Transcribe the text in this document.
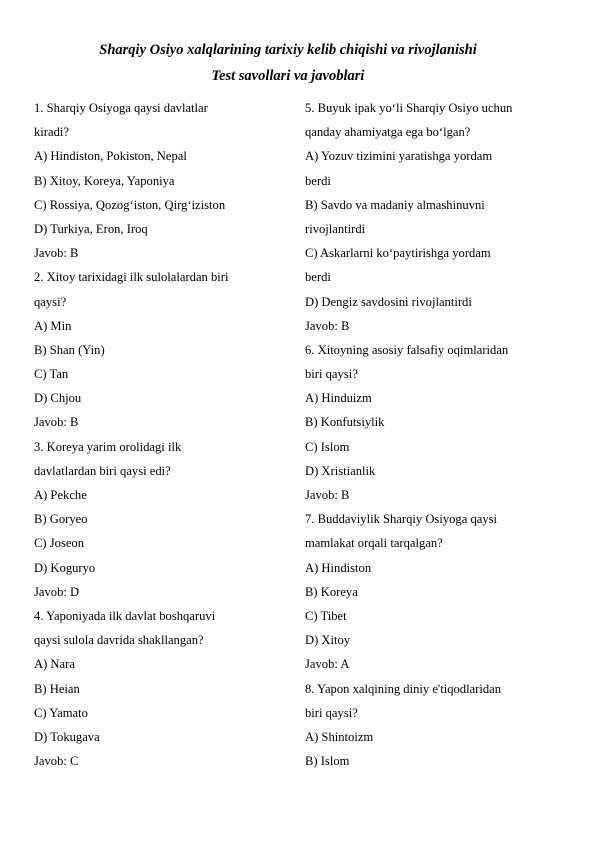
Sharqiy Osiyo xalqlarining tarixiy kelib chiqishi va rivojlanishi
Test savollari va javoblari
1. Sharqiy Osiyoga qaysi davlatlar
kiradi?
A) Hindiston, Pokiston, Nepal
B) Xitoy, Koreya, Yaponiya
C) Rossiya, Qozog‘iston, Qirg‘iziston
D) Turkiya, Eron, Iroq
Javob: B
2. Xitoy tarixidagi ilk sulolalardan biri
qaysi?
A) Min
B) Shan (Yin)
C) Tan
D) Chjou
Javob: B
3. Koreya yarim orolidagi ilk
davlatlardan biri qaysi edi?
A) Pekche
B) Goryeo
C) Joseon
D) Koguryo
Javob: D
4. Yaponiyada ilk davlat boshqaruvi
qaysi sulola davrida shakllangan?
A) Nara
B) Heian
C) Yamato
D) Tokugava
Javob: C
5. Buyuk ipak yo‘li Sharqiy Osiyo uchun
qanday ahamiyatga ega bo‘lgan?
A) Yozuv tizimini yaratishga yordam
berdi
B) Savdo va madaniy almashinuvni
rivojlantirdi
C) Askarlarni ko‘paytirishga yordam
berdi
D) Dengiz savdosini rivojlantirdi
Javob: B
6. Xitoyning asosiy falsafiy oqimlaridan
biri qaysi?
A) Hinduizm
B) Konfutsiylik
C) Islom
D) Xristianlik
Javob: B
7. Buddaviylik Sharqiy Osiyoga qaysi
mamlakat orqali tarqalgan?
A) Hindiston
B) Koreya
C) Tibet
D) Xitoy
Javob: A
8. Yapon xalqining diniy e'tiqodlaridan
biri qaysi?
A) Shintoizm
B) Islom
